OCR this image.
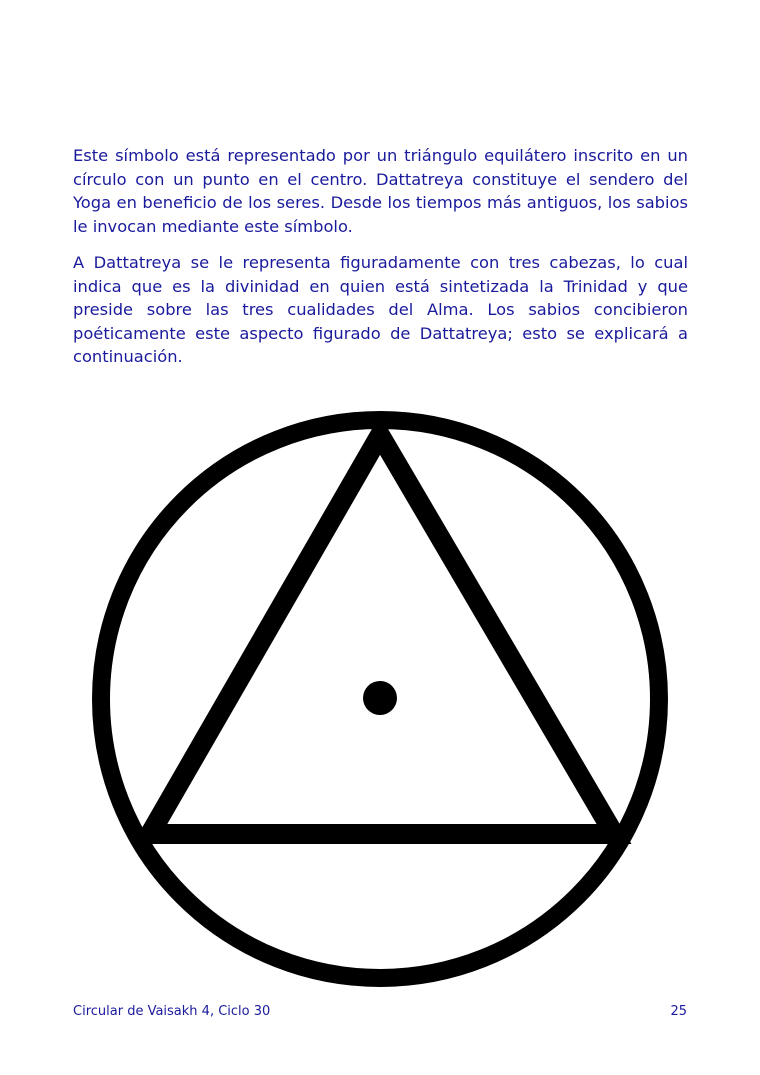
Este símbolo está representado por un triángulo equilátero inscrito en un círculo con un punto en el centro. Dattatreya constituye el sendero del Yoga en beneficio de los seres. Desde los tiempos más antiguos, los sabios le invocan mediante este símbolo.

A Dattatreya se le representa figuradamente con tres cabezas, lo cual indica que es la divinidad en quien está sintetizada la Trinidad y que preside sobre las tres cualidades del Alma. Los sabios concibieron poéticamente este aspecto figurado de Dattatreya; esto se explicará a continuación.

Circular de Vaisakh 4, Ciclo 30	25
